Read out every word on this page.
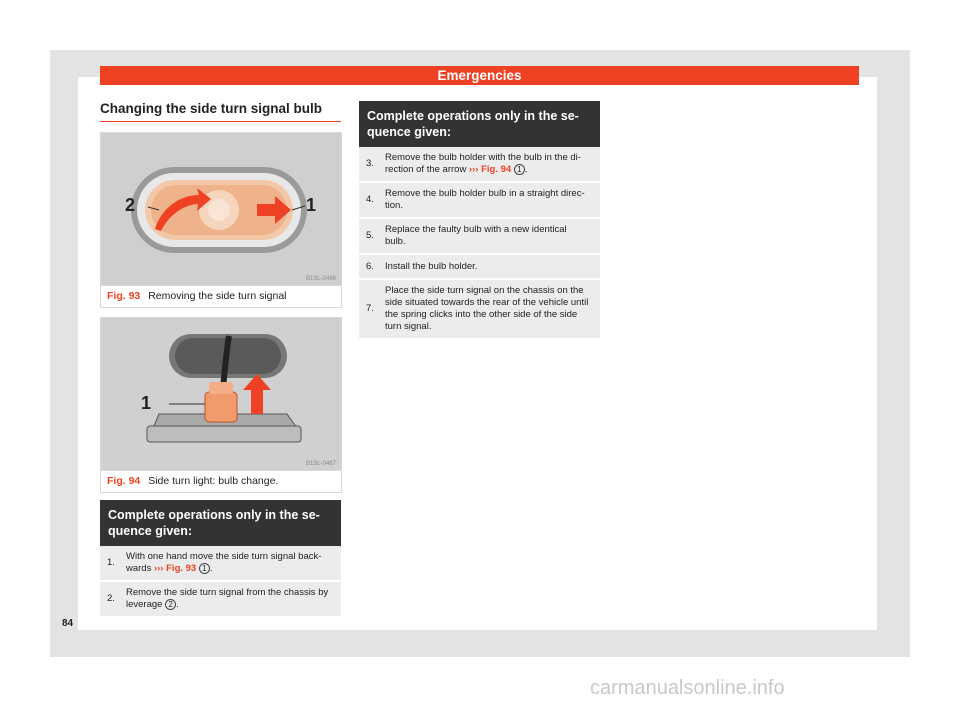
Emergencies
Changing the side turn signal bulb
2	1
B1SL-0466
Fig. 93 Removing the side turn signal
1
B1SL-0467
Fig. 94 Side turn light: bulb change.
Complete operations only in the se-
quence given:
1.
With one hand move the side turn signal back-
wards ››› Fig. 93 1 .
2.
Remove the side turn signal from the chassis by
leverage 2 .
Complete operations only in the se-
quence given:
3.
Remove the bulb holder with the bulb in the di-
rection of the arrow ››› Fig. 94 1 .
4.
Remove the bulb holder bulb in a straight direc-
tion.
5.
Replace the faulty bulb with a new identical
bulb.
6.	Install the bulb holder.
7.
Place the side turn signal on the chassis on the
side situated towards the rear of the vehicle until
the spring clicks into the other side of the side
turn signal.
84
carmanualsonline.info
